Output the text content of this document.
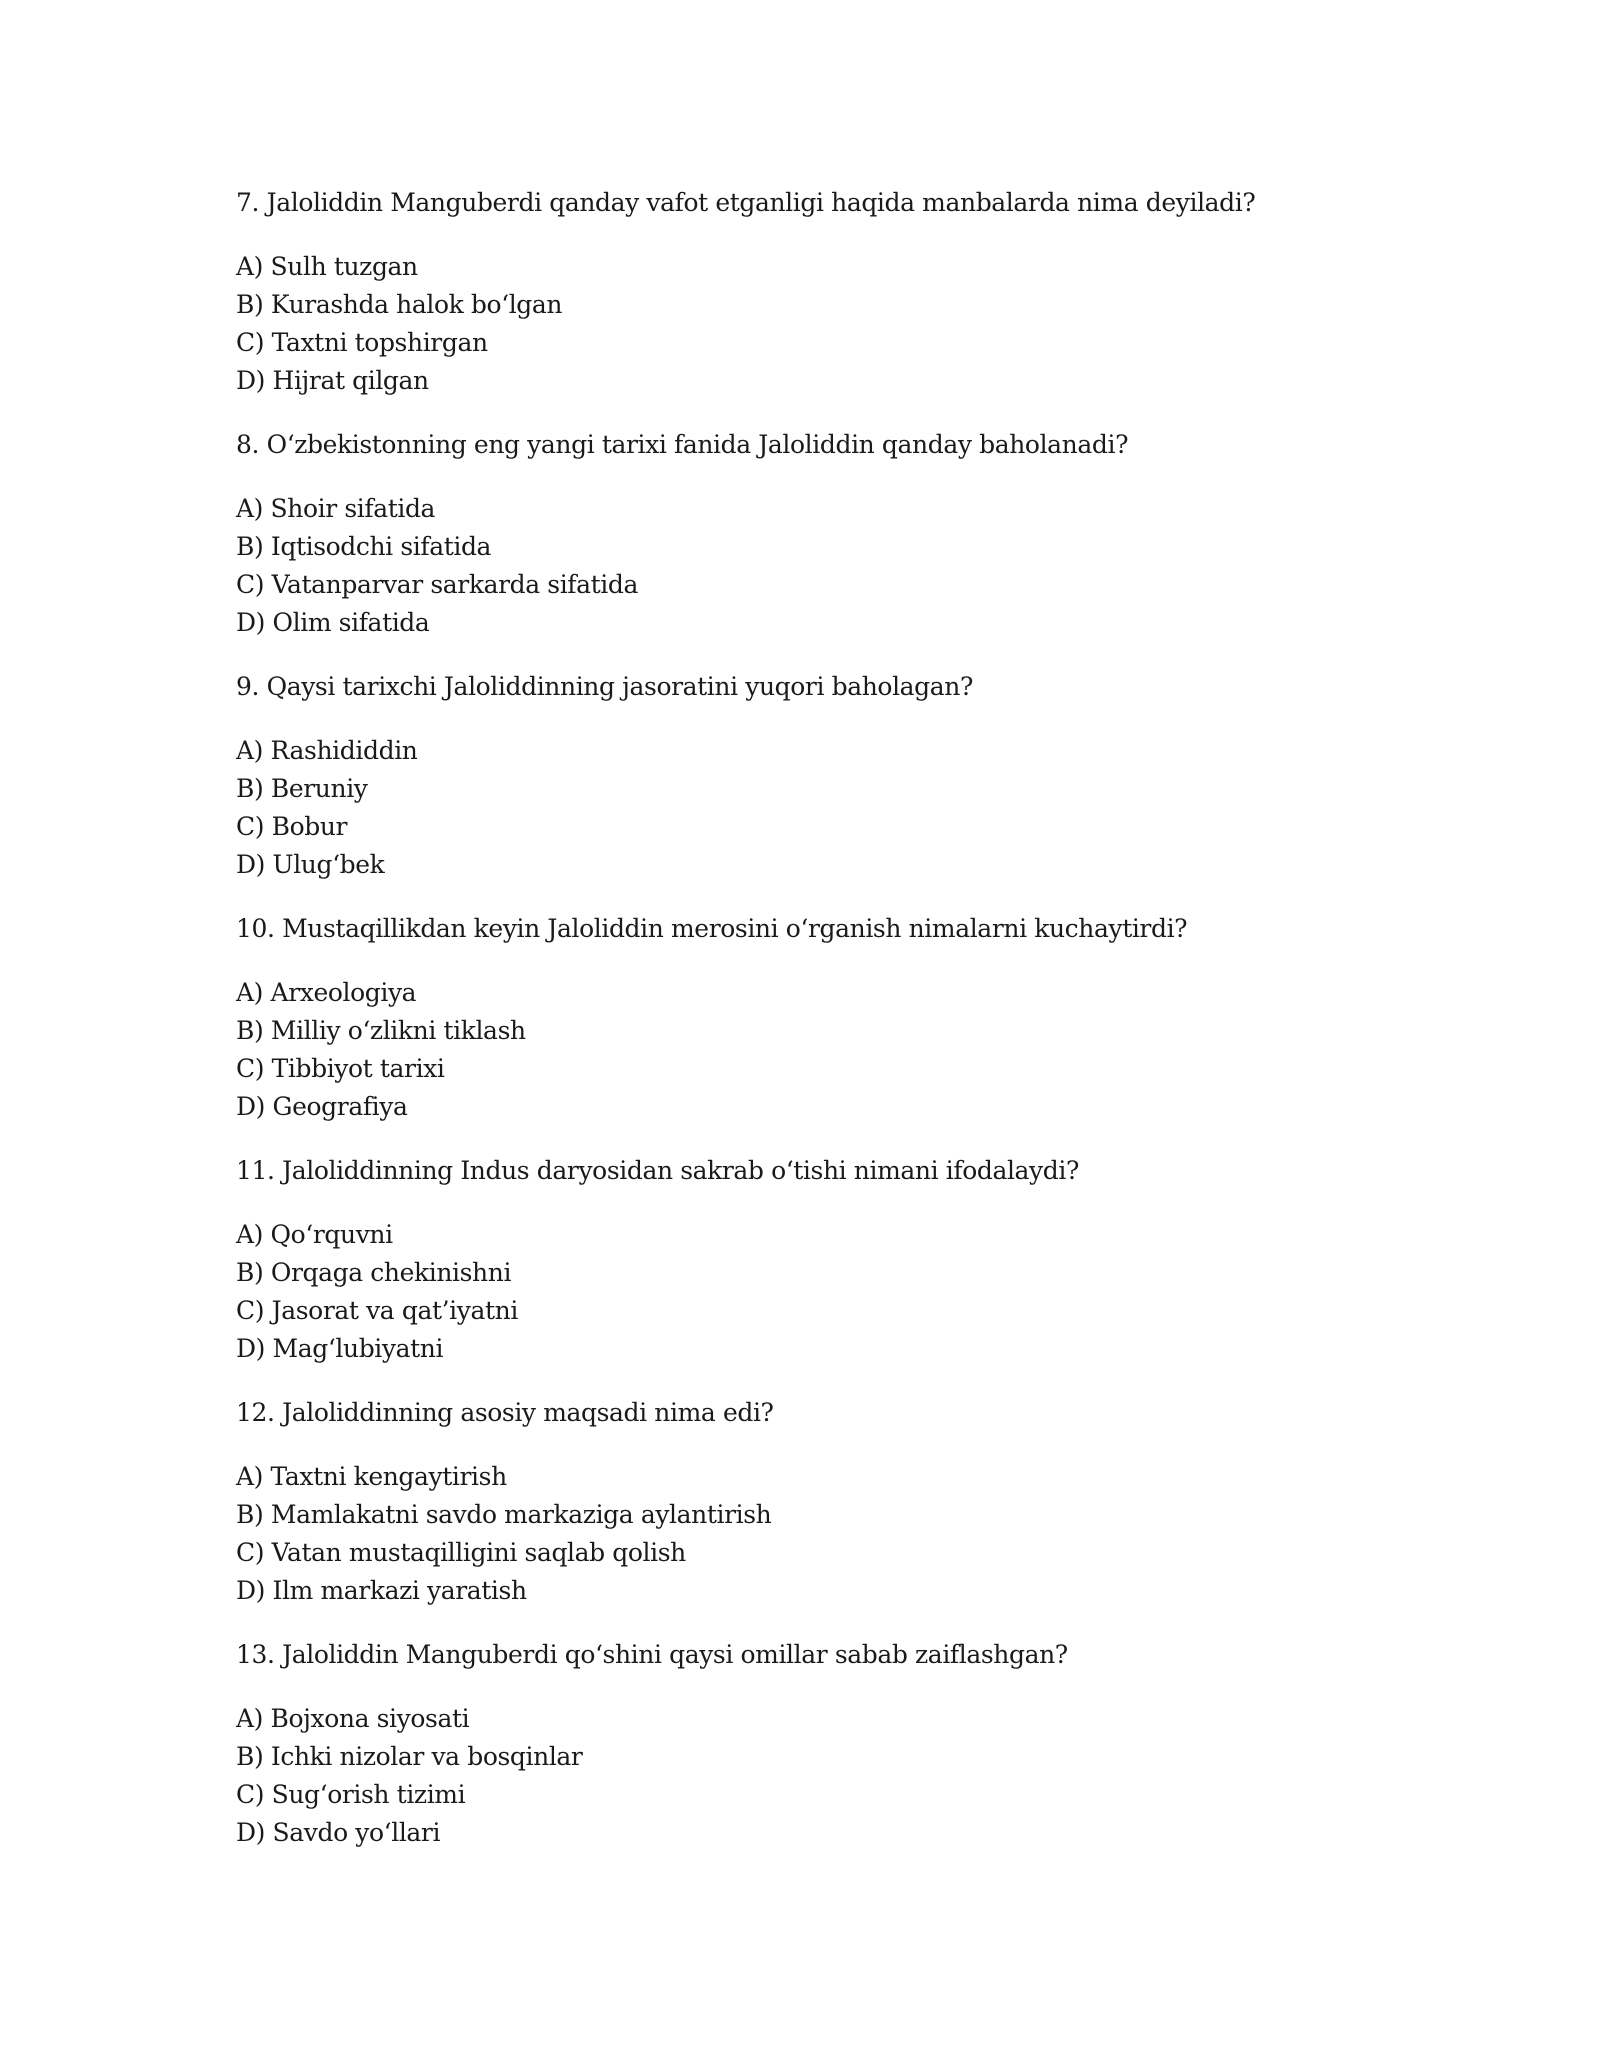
7. Jaloliddin Manguberdi qanday vafot etganligi haqida manbalarda nima deyiladi?

A) Sulh tuzgan

B) Kurashda halok bo‘lgan

C) Taxtni topshirgan

D) Hijrat qilgan

8. O‘zbekistonning eng yangi tarixi fanida Jaloliddin qanday baholanadi?

A) Shoir sifatida

B) Iqtisodchi sifatida

C) Vatanparvar sarkarda sifatida

D) Olim sifatida

9. Qaysi tarixchi Jaloliddinning jasoratini yuqori baholagan?

A) Rashididdin

B) Beruniy

C) Bobur

D) Ulug‘bek

10. Mustaqillikdan keyin Jaloliddin merosini o‘rganish nimalarni kuchaytirdi?

A) Arxeologiya

B) Milliy o‘zlikni tiklash

C) Tibbiyot tarixi

D) Geografiya

11. Jaloliddinning Indus daryosidan sakrab o‘tishi nimani ifodalaydi?

A) Qo‘rquvni

B) Orqaga chekinishni

C) Jasorat va qat’iyatni

D) Mag‘lubiyatni

12. Jaloliddinning asosiy maqsadi nima edi?

A) Taxtni kengaytirish

B) Mamlakatni savdo markaziga aylantirish

C) Vatan mustaqilligini saqlab qolish

D) Ilm markazi yaratish

13. Jaloliddin Manguberdi qo‘shini qaysi omillar sabab zaiflashgan?

A) Bojxona siyosati

B) Ichki nizolar va bosqinlar

C) Sug‘orish tizimi

D) Savdo yo‘llari
